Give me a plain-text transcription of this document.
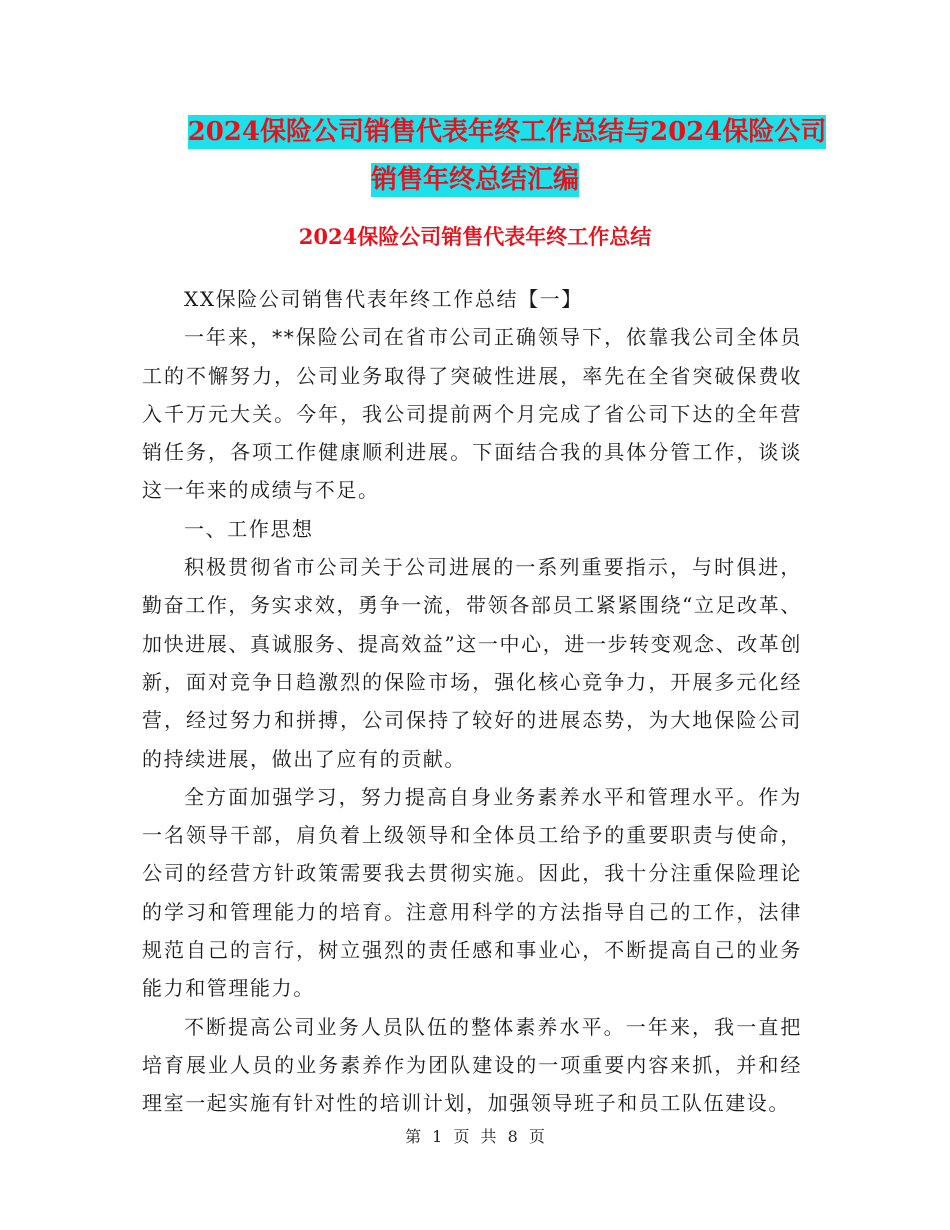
2024保险公司销售代表年终工作总结与2024保险公司
销售年终总结汇编
2024保险公司销售代表年终工作总结

XX保险公司销售代表年终工作总结【一】

一年来，**保险公司在省市公司正确领导下，依靠我公司全体员工的不懈努力，公司业务取得了突破性进展，率先在全省突破保费收入千万元大关。今年，我公司提前两个月完成了省公司下达的全年营销任务，各项工作健康顺利进展。下面结合我的具体分管工作，谈谈这一年来的成绩与不足。

一、工作思想

积极贯彻省市公司关于公司进展的一系列重要指示，与时俱进，勤奋工作，务实求效，勇争一流，带领各部员工紧紧围绕“立足改革、加快进展、真诚服务、提高效益”这一中心，进一步转变观念、改革创新，面对竞争日趋激烈的保险市场，强化核心竞争力，开展多元化经营，经过努力和拼搏，公司保持了较好的进展态势，为大地保险公司的持续进展，做出了应有的贡献。

全方面加强学习，努力提高自身业务素养水平和管理水平。作为一名领导干部，肩负着上级领导和全体员工给予的重要职责与使命，公司的经营方针政策需要我去贯彻实施。因此，我十分注重保险理论的学习和管理能力的培育。注意用科学的方法指导自己的工作，法律规范自己的言行，树立强烈的责任感和事业心，不断提高自己的业务能力和管理能力。

不断提高公司业务人员队伍的整体素养水平。一年来，我一直把培育展业人员的业务素养作为团队建设的一项重要内容来抓，并和经理室一起实施有针对性的培训计划，加强领导班子和员工队伍建设。

第 1 页 共 8 页
